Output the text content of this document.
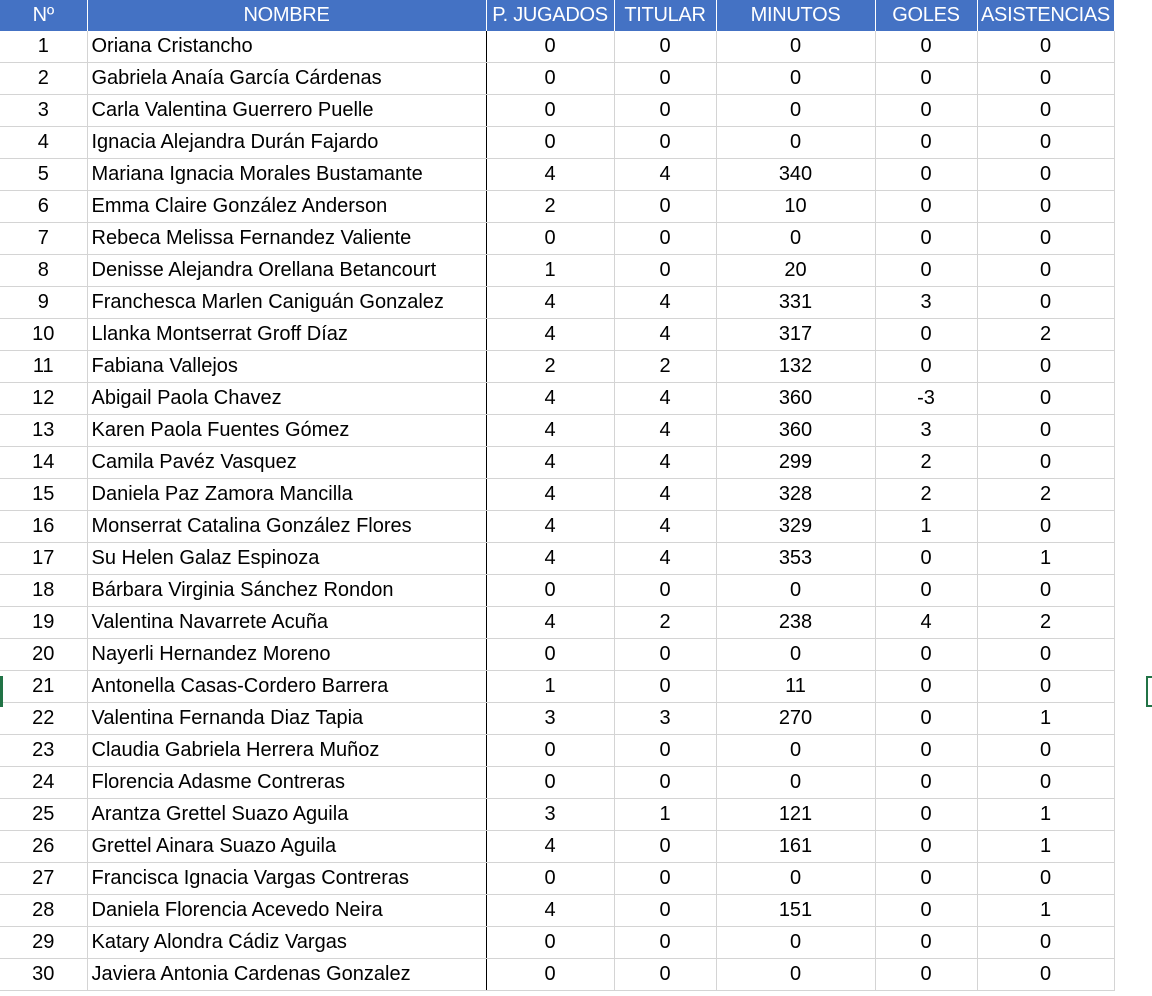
Nº	NOMBRE	P. JUGADOS	TITULAR	MINUTOS	GOLES	ASISTENCIAS
1	Oriana Cristancho	0	0	0	0	0
2	Gabriela Anaía García Cárdenas	0	0	0	0	0
3	Carla Valentina Guerrero Puelle	0	0	0	0	0
4	Ignacia Alejandra Durán Fajardo	0	0	0	0	0
5	Mariana Ignacia Morales Bustamante	4	4	340	0	0
6	Emma Claire González Anderson	2	0	10	0	0
7	Rebeca Melissa Fernandez Valiente	0	0	0	0	0
8	Denisse Alejandra Orellana Betancourt	1	0	20	0	0
9	Franchesca Marlen Caniguán Gonzalez	4	4	331	3	0
10	Llanka Montserrat Groff Díaz	4	4	317	0	2
11	Fabiana Vallejos	2	2	132	0	0
12	Abigail Paola Chavez	4	4	360	-3	0
13	Karen Paola Fuentes Gómez	4	4	360	3	0
14	Camila Pavéz Vasquez	4	4	299	2	0
15	Daniela Paz Zamora Mancilla	4	4	328	2	2
16	Monserrat Catalina González Flores	4	4	329	1	0
17	Su Helen Galaz Espinoza	4	4	353	0	1
18	Bárbara Virginia Sánchez Rondon	0	0	0	0	0
19	Valentina Navarrete Acuña	4	2	238	4	2
20	Nayerli Hernandez Moreno	0	0	0	0	0
21	Antonella Casas-Cordero Barrera	1	0	11	0	0
22	Valentina Fernanda Diaz Tapia	3	3	270	0	1
23	Claudia Gabriela Herrera Muñoz	0	0	0	0	0
24	Florencia Adasme Contreras	0	0	0	0	0
25	Arantza Grettel Suazo Aguila	3	1	121	0	1
26	Grettel Ainara Suazo Aguila	4	0	161	0	1
27	Francisca Ignacia Vargas Contreras	0	0	0	0	0
28	Daniela Florencia Acevedo Neira	4	0	151	0	1
29	Katary Alondra Cádiz Vargas	0	0	0	0	0
30	Javiera Antonia Cardenas Gonzalez	0	0	0	0	0
